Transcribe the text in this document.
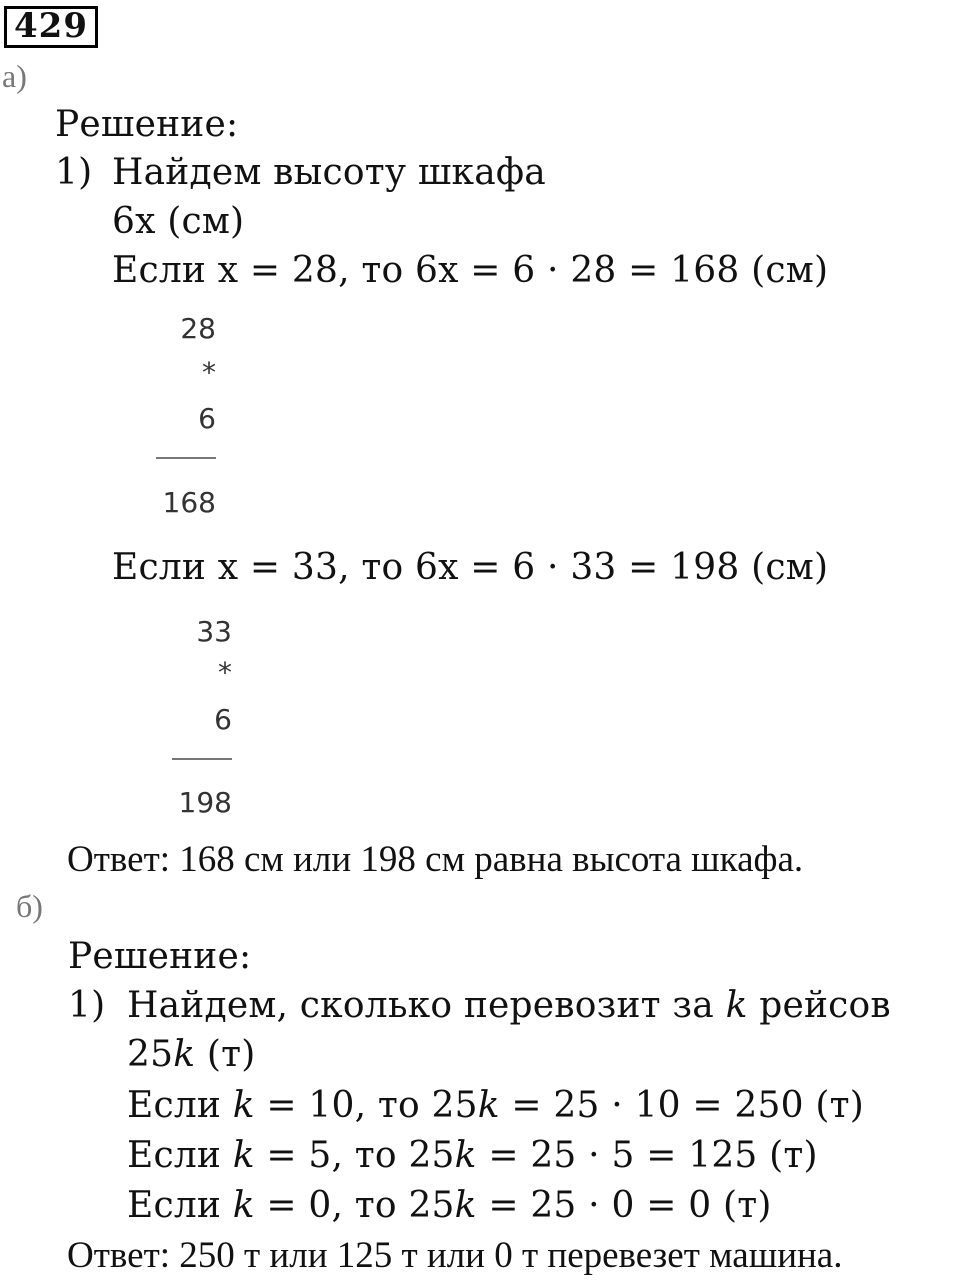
429
а)
Решение:
1) Найдем высоту шкафа
6x (см)
Если x = 28, то 6x = 6 · 28 = 168 (см)
28
*
6
168
Если x = 33, то 6x = 6 · 33 = 198 (см)
33
*
6
198
Ответ: 168 см или 198 см равна высота шкафа.
б)
Решение:
1) Найдем, сколько перевозит за k рейсов
25k (т)
Если k = 10, то 25k = 25 · 10 = 250 (т)
Если k = 5, то 25k = 25 · 5 = 125 (т)
Если k = 0, то 25k = 25 · 0 = 0 (т)
Ответ: 250 т или 125 т или 0 т перевезет машина.
